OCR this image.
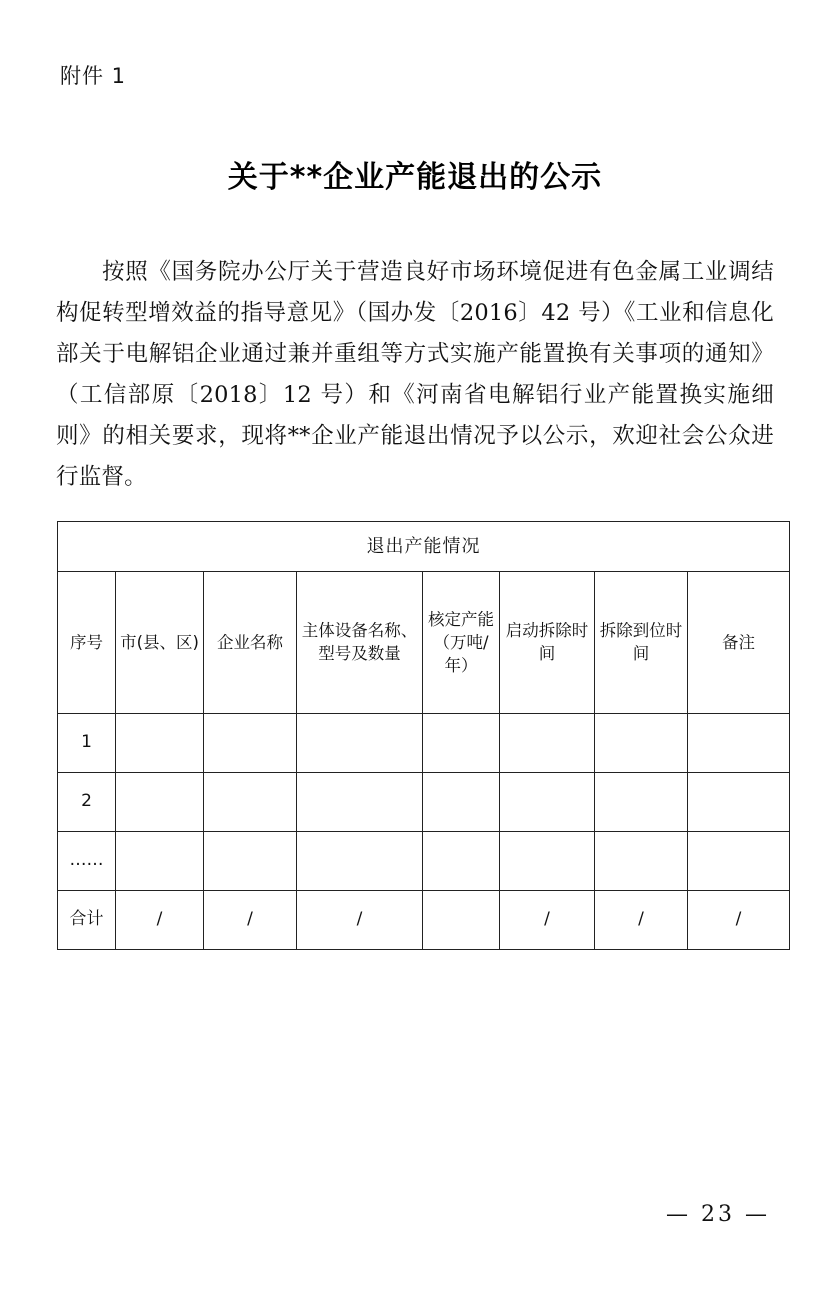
附件 1
关于**企业产能退出的公示

按照《国务院办公厅关于营造良好市场环境促进有色金属工业调结构促转型增效益的指导意见》（国办发〔2016〕42 号）《工业和信息化部关于电解铝企业通过兼并重组等方式实施产能置换有关事项的通知》（工信部原〔2018〕12 号）和《河南省电解铝行业产能置换实施细则》的相关要求，现将**企业产能退出情况予以公示，欢迎社会公众进行监督。

退出产能情况							
序号	市(县、区)	企业名称	主体设备名称、型号及数量	核定产能（万吨/年）	启动拆除时间	拆除到位时间	备注
1							
2							
……							
合计	/	/	/		/	/	/
— 23 —
